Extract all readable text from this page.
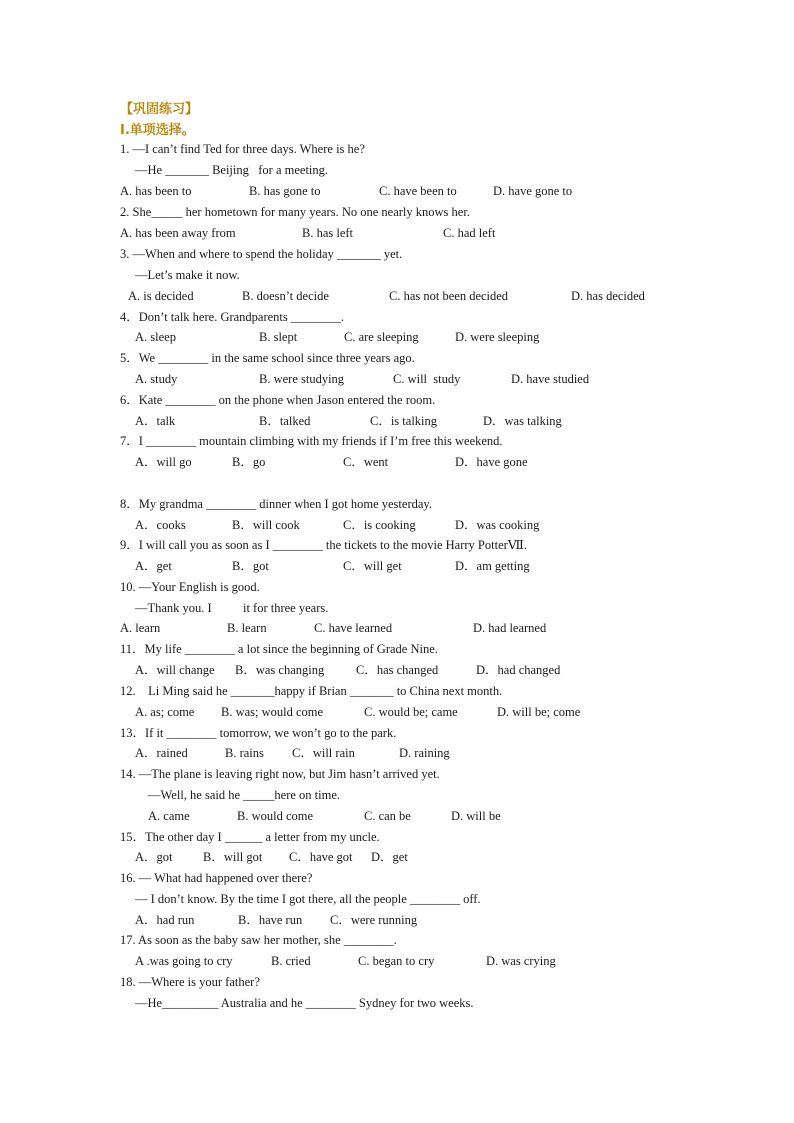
【巩固练习】
I.单项选择。
1. —I can’t find Ted for three days. Where is he?
—He _______ Beijing   for a meeting.
A. has been to	B. has gone to	C. have been to	D. have gone to
2. She_____ her hometown for many years. No one nearly knows her.
A. has been away from	B. has left	C. had left
3. —When and where to spend the holiday _______ yet.
—Let’s make it now.
A. is decided	B. doesn’t decide	C. has not been decided	D. has decided
4．Don’t talk here. Grandparents ________.
A. sleep	B. slept	C. are sleeping	D. were sleeping
5．We ________ in the same school since three years ago.
A. study	B. were studying	C. will  study	D. have studied
6．Kate ________ on the phone when Jason entered the room.
A．talk	B．talked	C．is talking	D．was talking
7．I ________ mountain climbing with my friends if I’m free this weekend.
A．will go	B．go	C．went	D．have gone
8．My grandma ________ dinner when I got home yesterday.
A．cooks	B．will cook	C．is cooking	D．was cooking
9．I will call you as soon as I ________ the tickets to the movie Harry PotterⅦ.
A．get	B．got	C．will get	D．am getting
10. —Your English is good.
—Thank you. I          it for three years.
A. learn	B. learn	C. have learned	D. had learned
11．My life ________ a lot since the beginning of Grade Nine.
A．will change B．was changing	C．has changed	D．had changed
12.    Li Ming said he _______happy if Brian _______ to China next month.
A. as; come B. was; would come	C. would be; came	D. will be; come
13．If it ________ tomorrow, we won’t go to the park.
A．rained	B. rains C．will rain	D. raining
14. —The plane is leaving right now, but Jim hasn’t arrived yet.
—Well, he said he _____here on time.
A. came	B. would come	C. can be	D. will be
15．The other day I ______ a letter from my uncle.
A．got B．will got C．have got D．get
16. — What had happened over there?
— I don’t know. By the time I got there, all the people ________ off.
A．had run	B．have run C．were running
17. As soon as the baby saw her mother, she ________.
A .was going to cry	B. cried	C. began to cry	D. was crying
18. —Where is your father?
—He_________ Australia and he ________ Sydney for two weeks.
